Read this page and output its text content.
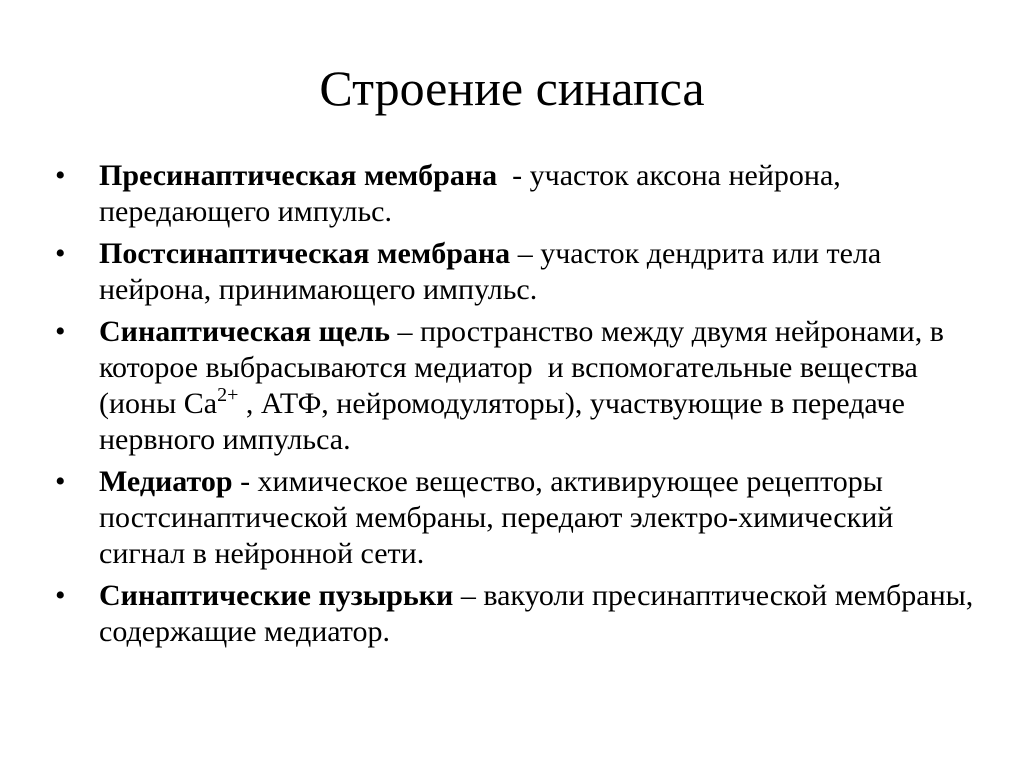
Строение синапса
•	Пресинаптическая мембрана  - участок аксона нейрона, передающего импульс.
•	Постсинаптическая мембрана – участок дендрита или тела нейрона, принимающего импульс.
•	Синаптическая щель – пространство между двумя нейронами, в которое выбрасываются медиатор  и вспомогательные вещества (ионы $Са^{2+}$ , АТФ, нейромодуляторы), участвующие в передаче нервного импульса.
•	Медиатор - химическое вещество, активирующее рецепторы постсинаптической мембраны, передают электро-химический сигнал в нейронной сети.
•	Синаптические пузырьки – вакуоли пресинаптической мембраны, содержащие медиатор.
